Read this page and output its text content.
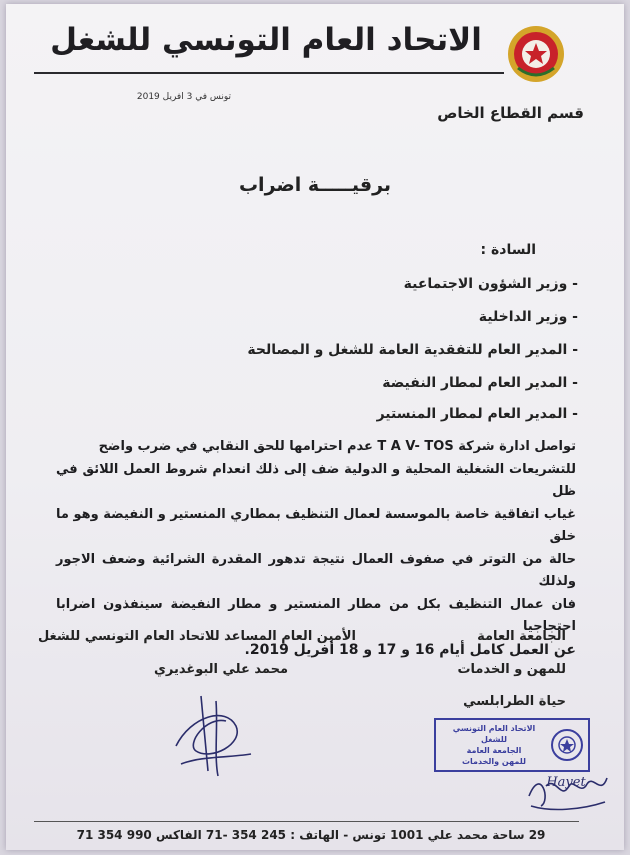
الاتحاد العام التونسي للشغل
قسم القطاع الخاص
تونس في 3 افريل 2019
برقيـــــة اضراب
السادة :
- وزير الشؤون الاجتماعية
- وزير الداخلية
- المدير العام للتفقدية العامة للشغل و المصالحة
- المدير العام لمطار النفيضة
- المدير العام لمطار المنستير
تواصل ادارة شركة T A V- TOS عدم احترامها للحق النقابي في ضرب واضح
للتشريعات الشغلية المحلية و الدولية ضف إلى ذلك انعدام شروط العمل اللائق في ظل
غياب اتفاقية خاصة بالموسسة لعمال التنظيف بمطاري المنستير و النفيضة وهو ما خلق
حالة من التوتر في صفوف العمال نتيجة تدهور المقدرة الشرائية وضعف الاجور ولذلك
فان عمال التنظيف بكل من مطار المنستير و مطار النفيضة سينفذون اضرابا احتجاجيا
عن العمل كامل أيام 16 و 17 و 18 أفريل 2019.
الجامعة العامة
للمهن و الخدمات
حياة الطرابلسي
الأمين العام المساعد للاتحاد العام التونسي للشغل
محمد علي البوغديري
الاتحاد العام التونسي للشغل
الجامعة العامة
للمهن والخدمات
Hayet
29 ساحة محمد علي 1001 تونس - الهاتف : 245 354 -71 الفاكس 990 354 71
